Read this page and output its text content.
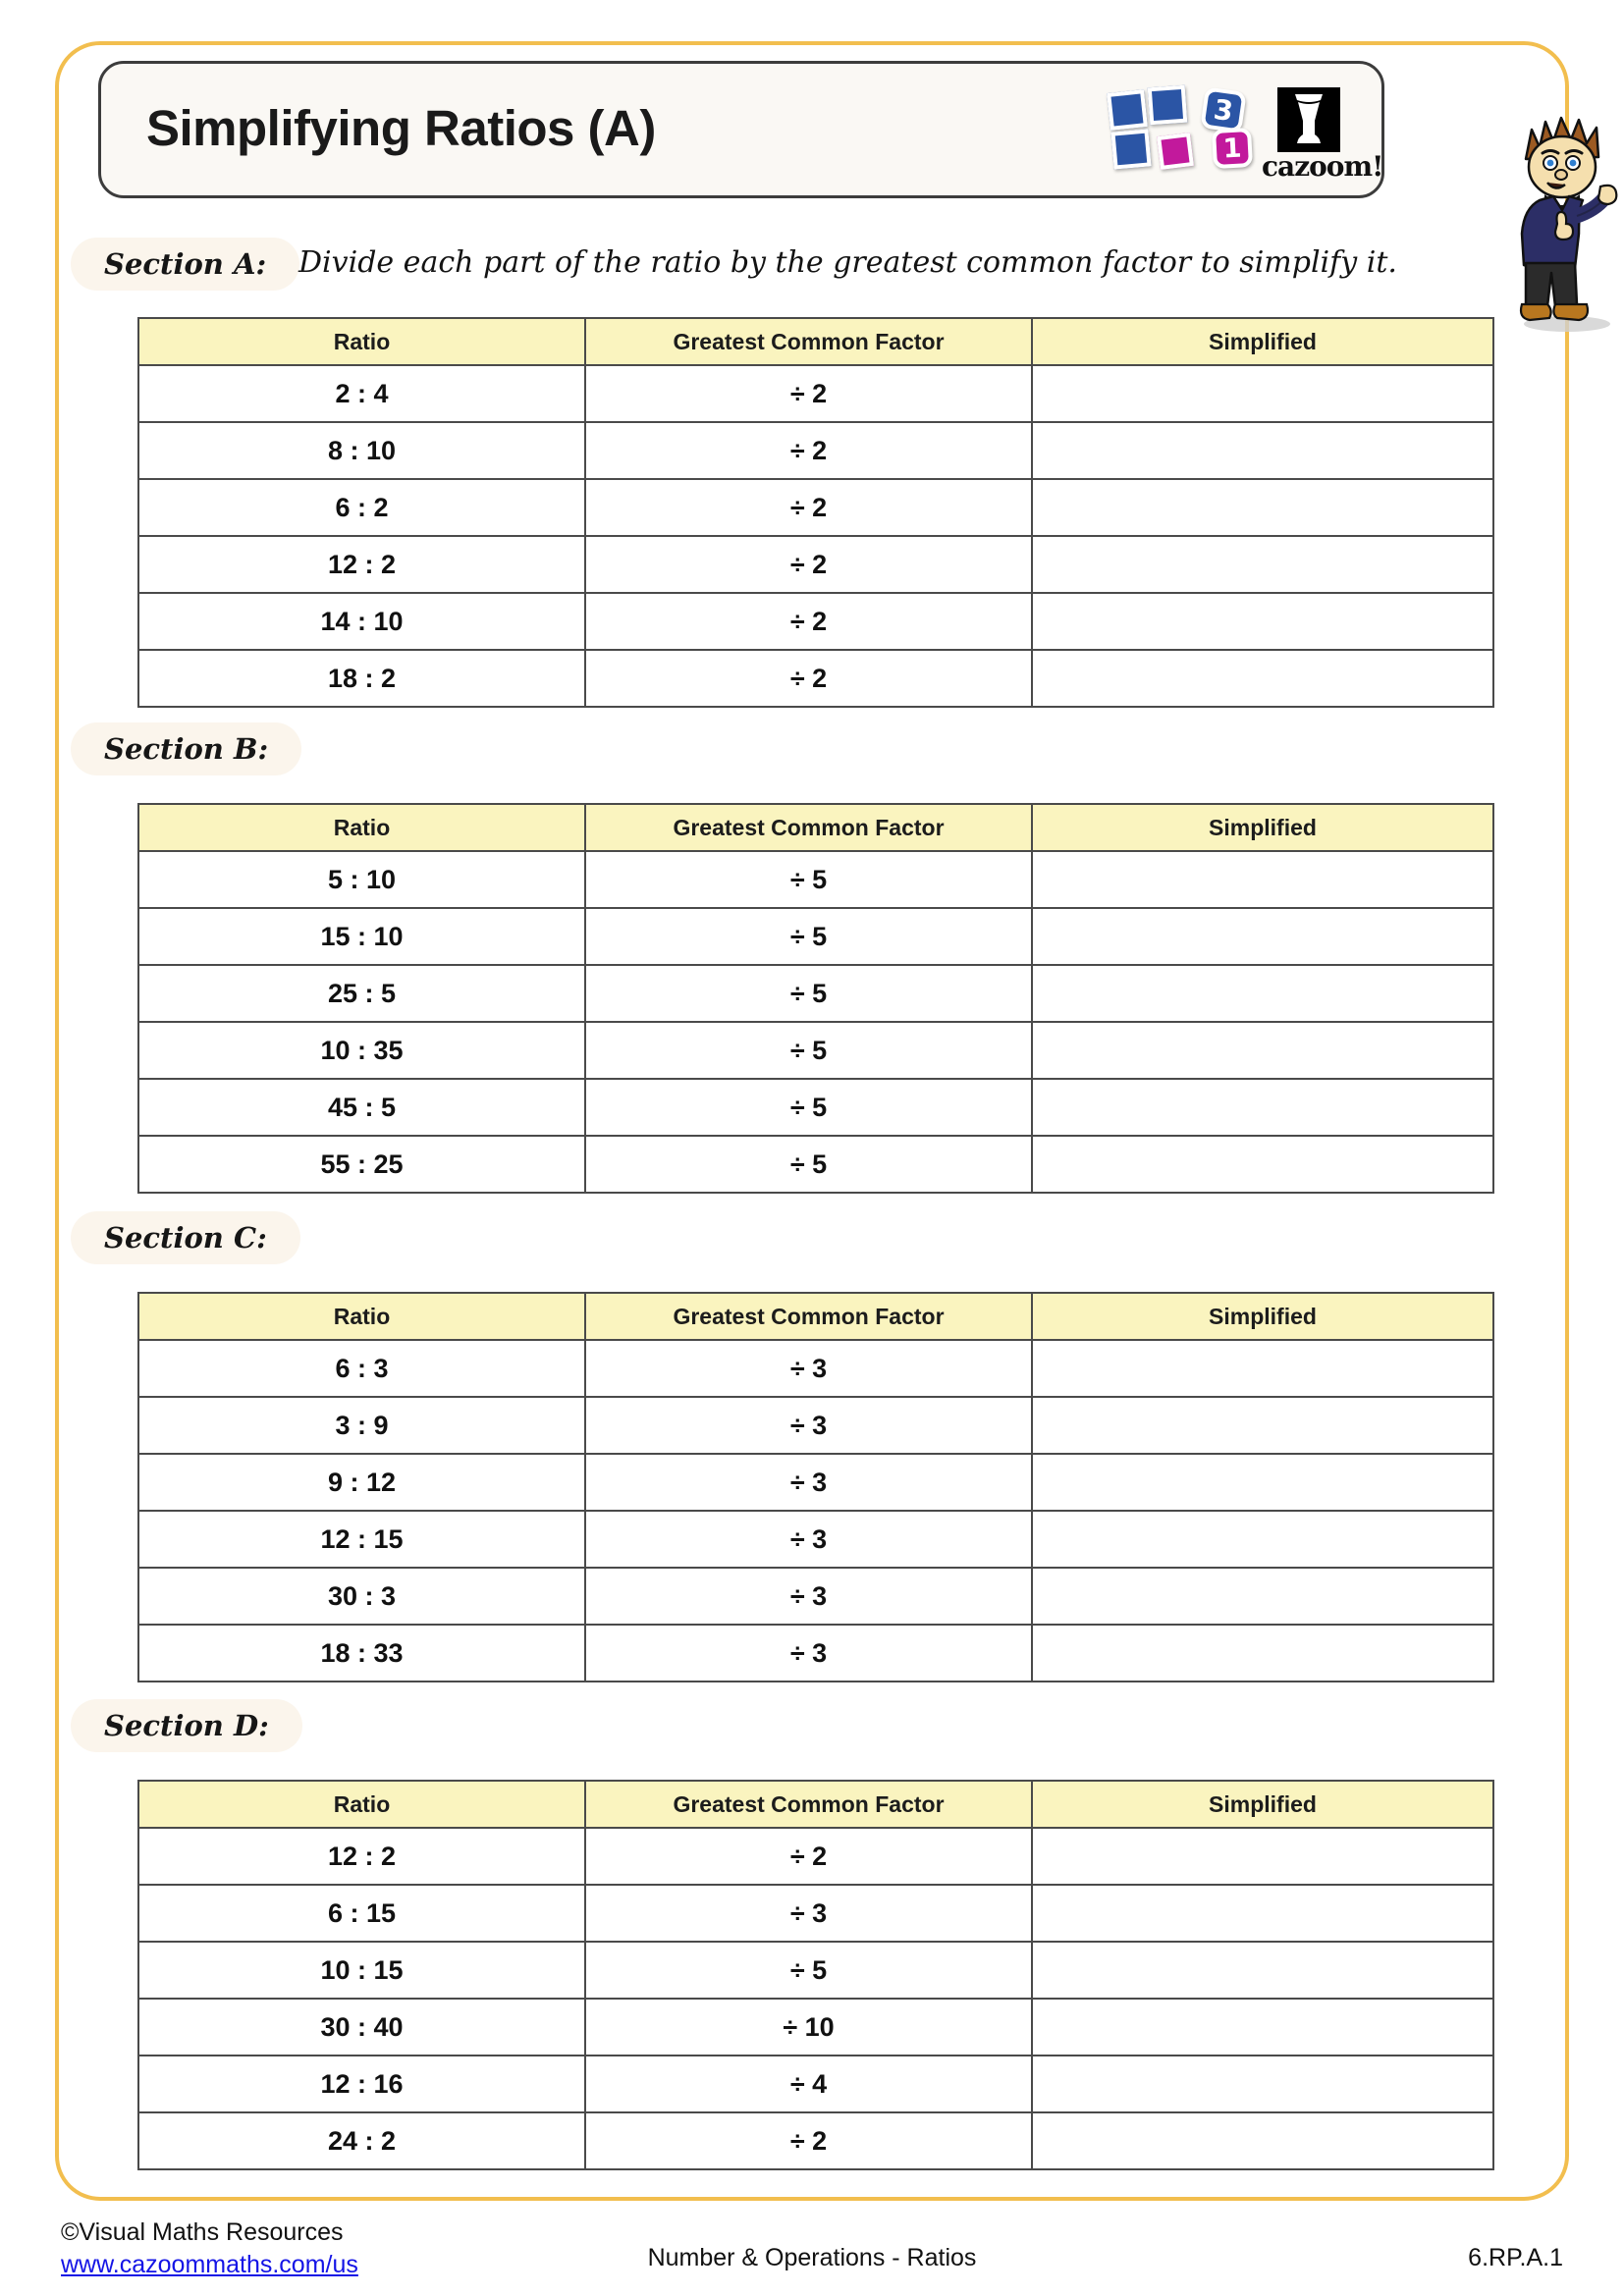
Simplifying Ratios (A)	3
1
cazoom!
Section A: Divide each part of the ratio by the greatest common factor to simplify it.
Ratio	Greatest Common Factor	Simplified
2 : 4	÷ 2	
8 : 10	÷ 2	
6 : 2	÷ 2	
12 : 2	÷ 2	
14 : 10	÷ 2	
18 : 2	÷ 2	
Section B:
Ratio	Greatest Common Factor	Simplified
5 : 10	÷ 5	
15 : 10	÷ 5	
25 : 5	÷ 5	
10 : 35	÷ 5	
45 : 5	÷ 5	
55 : 25	÷ 5	
Section C:
Ratio	Greatest Common Factor	Simplified
6 : 3	÷ 3	
3 : 9	÷ 3	
9 : 12	÷ 3	
12 : 15	÷ 3	
30 : 3	÷ 3	
18 : 33	÷ 3	
Section D:
Ratio	Greatest Common Factor	Simplified
12 : 2	÷ 2	
6 : 15	÷ 3	
10 : 15	÷ 5	
30 : 40	÷ 10	
12 : 16	÷ 4	
24 : 2	÷ 2	
©Visual Maths Resources
www.cazoommaths.com/us	Number & Operations - Ratios	6.RP.A.1
